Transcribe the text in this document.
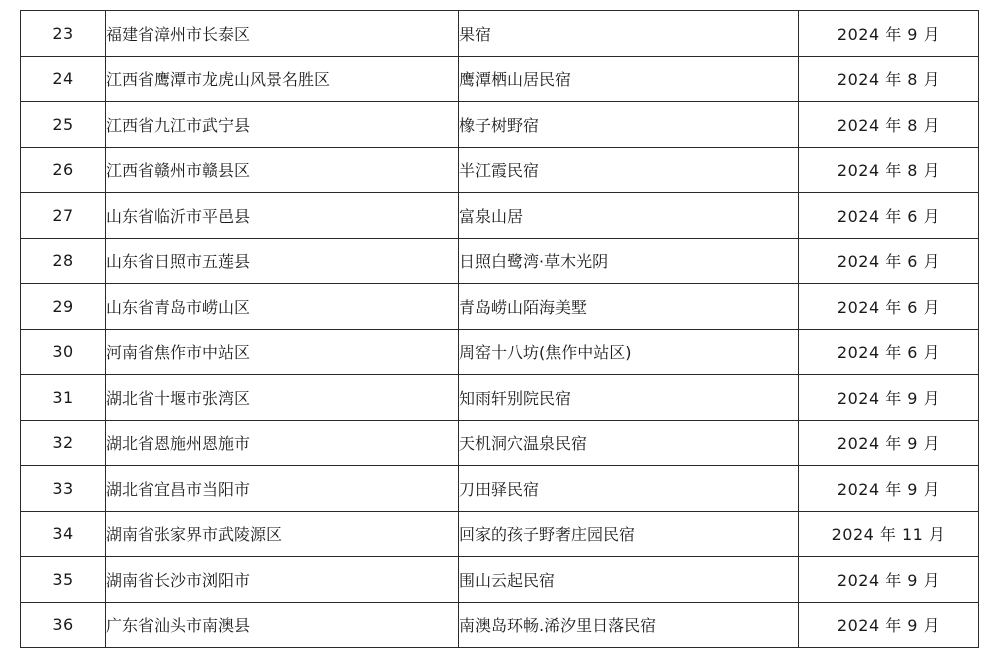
23	福建省漳州市长泰区	果宿	2024 年 9 月
24	江西省鹰潭市龙虎山风景名胜区	鹰潭栖山居民宿	2024 年 8 月
25	江西省九江市武宁县	橡子树野宿	2024 年 8 月
26	江西省赣州市赣县区	半江霞民宿	2024 年 8 月
27	山东省临沂市平邑县	富泉山居	2024 年 6 月
28	山东省日照市五莲县	日照白鹭湾·草木光阴	2024 年 6 月
29	山东省青岛市崂山区	青岛崂山陌海美墅	2024 年 6 月
30	河南省焦作市中站区	周窑十八坊(焦作中站区)	2024 年 6 月
31	湖北省十堰市张湾区	知雨轩别院民宿	2024 年 9 月
32	湖北省恩施州恩施市	天机洞穴温泉民宿	2024 年 9 月
33	湖北省宜昌市当阳市	刀田驿民宿	2024 年 9 月
34	湖南省张家界市武陵源区	回家的孩子野奢庄园民宿	2024 年 11 月
35	湖南省长沙市浏阳市	围山云起民宿	2024 年 9 月
36	广东省汕头市南澳县	南澳岛环畅.浠汐里日落民宿	2024 年 9 月
